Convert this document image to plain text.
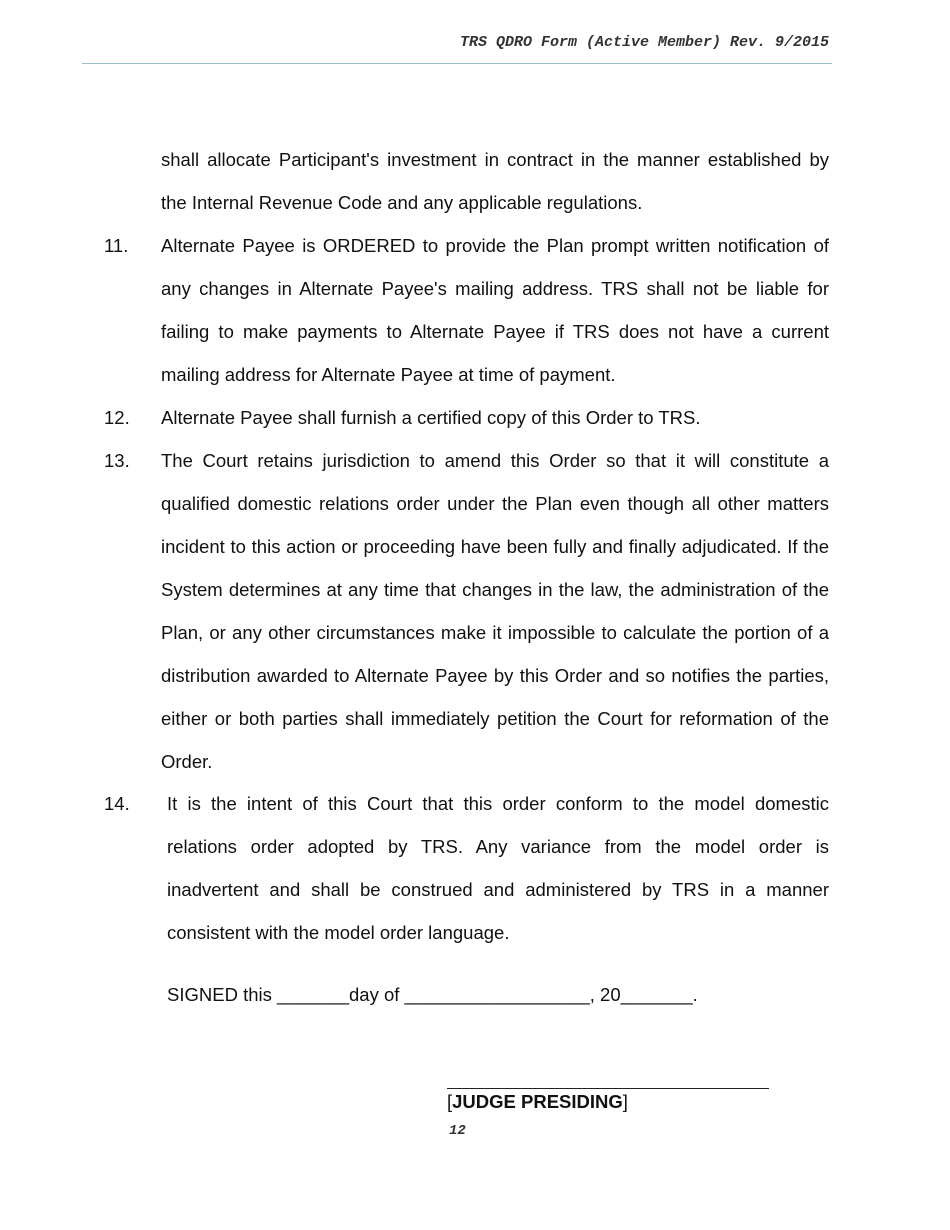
TRS QDRO Form (Active Member) Rev. 9/2015
shall allocate Participant's investment in contract in the manner established by the Internal Revenue Code and any applicable regulations.
11. Alternate Payee is ORDERED to provide the Plan prompt written notification of any changes in Alternate Payee's mailing address. TRS shall not be liable for failing to make payments to Alternate Payee if TRS does not have a current mailing address for Alternate Payee at time of payment.
12. Alternate Payee shall furnish a certified copy of this Order to TRS.
13. The Court retains jurisdiction to amend this Order so that it will constitute a qualified domestic relations order under the Plan even though all other matters incident to this action or proceeding have been fully and finally adjudicated. If the System determines at any time that changes in the law, the administration of the Plan, or any other circumstances make it impossible to calculate the portion of a distribution awarded to Alternate Payee by this Order and so notifies the parties, either or both parties shall immediately petition the Court for reformation of the Order.
14. It is the intent of this Court that this order conform to the model domestic relations order adopted by TRS. Any variance from the model order is inadvertent and shall be construed and administered by TRS in a manner consistent with the model order language.
SIGNED this _______day of __________________, 20_______.
[JUDGE PRESIDING]
12
